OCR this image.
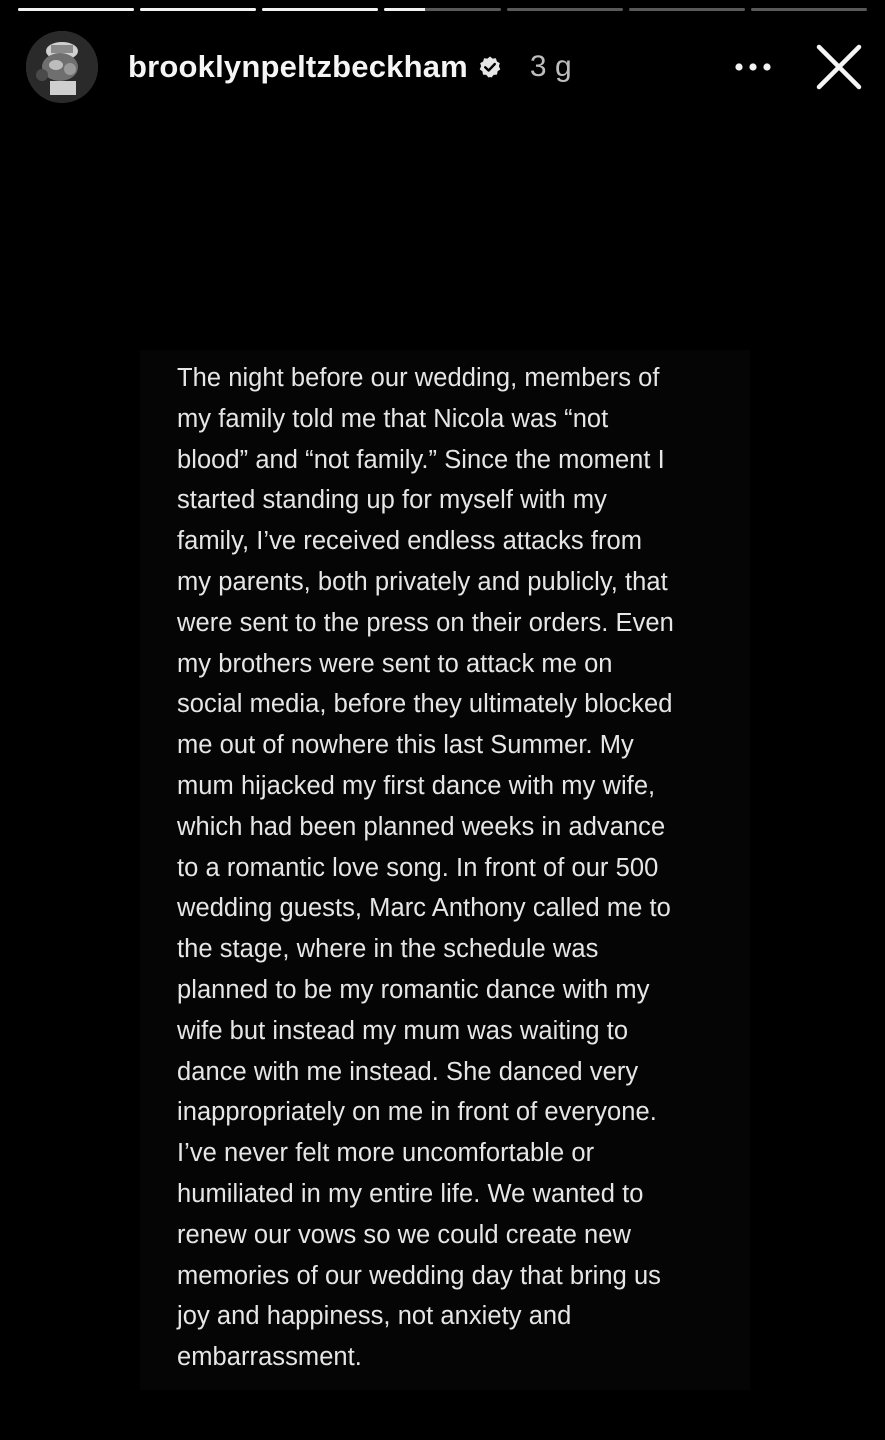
brooklynpeltzbeckham 3 g
The night before our wedding, members of
my family told me that Nicola was “not
blood” and “not family.” Since the moment I
started standing up for myself with my
family, I’ve received endless attacks from
my parents, both privately and publicly, that
were sent to the press on their orders. Even
my brothers were sent to attack me on
social media, before they ultimately blocked
me out of nowhere this last Summer. My
mum hijacked my first dance with my wife,
which had been planned weeks in advance
to a romantic love song. In front of our 500
wedding guests, Marc Anthony called me to
the stage, where in the schedule was
planned to be my romantic dance with my
wife but instead my mum was waiting to
dance with me instead. She danced very
inappropriately on me in front of everyone.
I’ve never felt more uncomfortable or
humiliated in my entire life. We wanted to
renew our vows so we could create new
memories of our wedding day that bring us
joy and happiness, not anxiety and
embarrassment.
